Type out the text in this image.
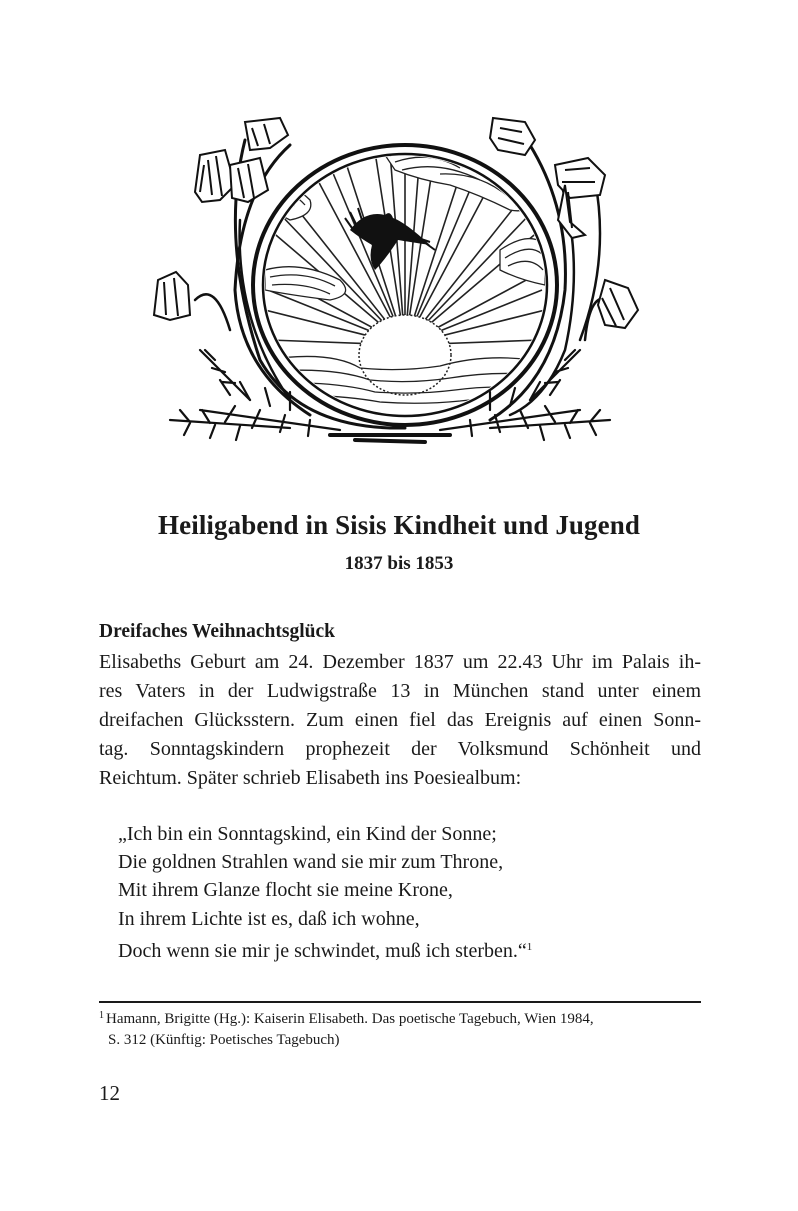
Heiligabend in Sisis Kindheit und Jugend
1837 bis 1853
Dreifaches Weihnachtsglück
Elisabeths Geburt am 24. Dezember 1837 um 22.43 Uhr im Palais ih-
res Vaters in der Ludwigstraße 13 in München stand unter einem
dreifachen Glücksstern. Zum einen fiel das Ereignis auf einen Sonn-
tag. Sonntagskindern prophezeit der Volksmund Schönheit und
Reichtum. Später schrieb Elisabeth ins Poesiealbum:
„Ich bin ein Sonntagskind, ein Kind der Sonne;
Die goldnen Strahlen wand sie mir zum Throne,
Mit ihrem Glanze flocht sie meine Krone,
In ihrem Lichte ist es, daß ich wohne,
Doch wenn sie mir je schwindet, muß ich sterben.“$^1$
$^1$ Hamann, Brigitte (Hg.): Kaiserin Elisabeth. Das poetische Tagebuch, Wien 1984,
S. 312 (Künftig: Poetisches Tagebuch)
12
